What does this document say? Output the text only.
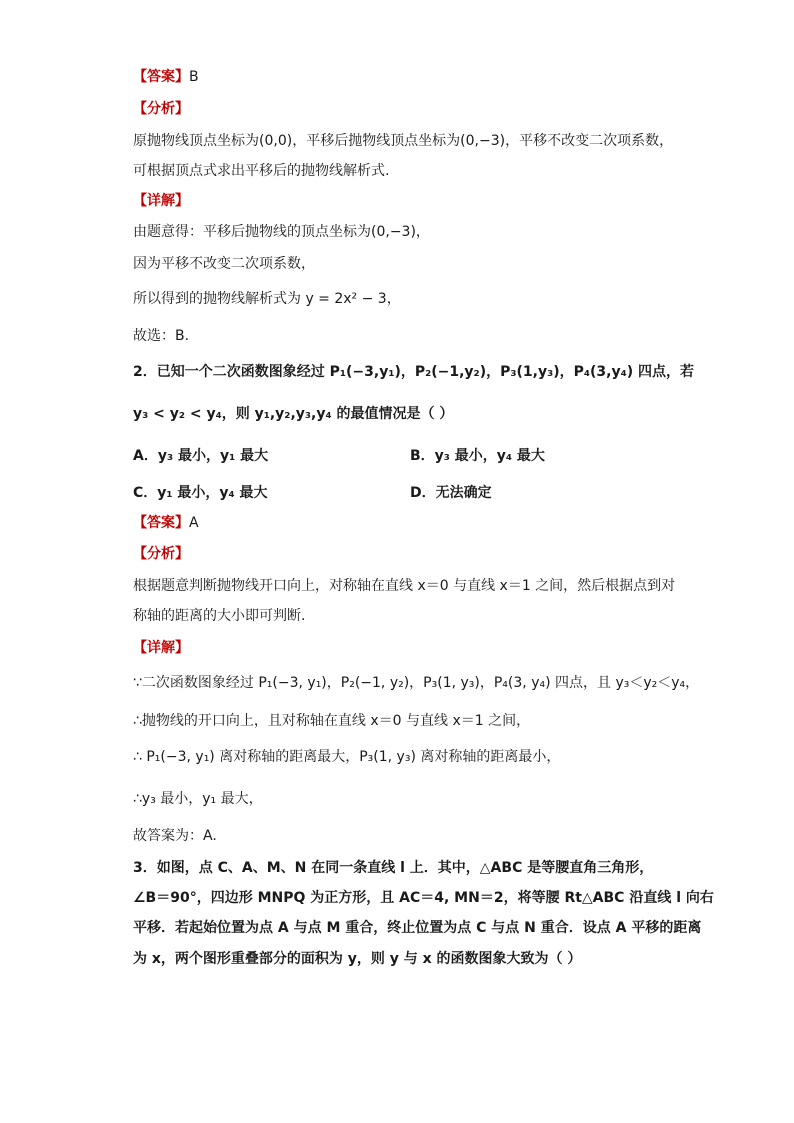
【答案】B
【分析】
原抛物线顶点坐标为(0,0)，平移后抛物线顶点坐标为(0,−3)，平移不改变二次项系数，
可根据顶点式求出平移后的抛物线解析式.
【详解】
由题意得：平移后抛物线的顶点坐标为(0,−3)，
因为平移不改变二次项系数，
所以得到的抛物线解析式为 y = 2x² − 3，
故选：B.
2．已知一个二次函数图象经过 P₁(−3,y₁)，P₂(−1,y₂)，P₃(1,y₃)，P₄(3,y₄) 四点，若
y₃ < y₂ < y₄，则 y₁,y₂,y₃,y₄ 的最值情况是（ ）
A．y₃ 最小，y₁ 最大	B．y₃ 最小，y₄ 最大
C．y₁ 最小，y₄ 最大	D．无法确定
【答案】A
【分析】
根据题意判断抛物线开口向上，对称轴在直线 x＝0 与直线 x＝1 之间，然后根据点到对
称轴的距离的大小即可判断.
【详解】
∵二次函数图象经过 P₁(−3, y₁)，P₂(−1, y₂)，P₃(1, y₃)，P₄(3, y₄) 四点，且 y₃＜y₂＜y₄，
∴抛物线的开口向上，且对称轴在直线 x＝0 与直线 x＝1 之间，
∴ P₁(−3, y₁) 离对称轴的距离最大，P₃(1, y₃) 离对称轴的距离最小，
∴y₃ 最小，y₁ 最大，
故答案为：A.
3．如图，点 C、A、M、N 在同一条直线 l 上．其中，△ABC 是等腰直角三角形，
∠B＝90°，四边形 MNPQ 为正方形，且 AC＝4, MN＝2，将等腰 Rt△ABC 沿直线 l 向右
平移．若起始位置为点 A 与点 M 重合，终止位置为点 C 与点 N 重合．设点 A 平移的距离
为 x，两个图形重叠部分的面积为 y，则 y 与 x 的函数图象大致为（ ）
